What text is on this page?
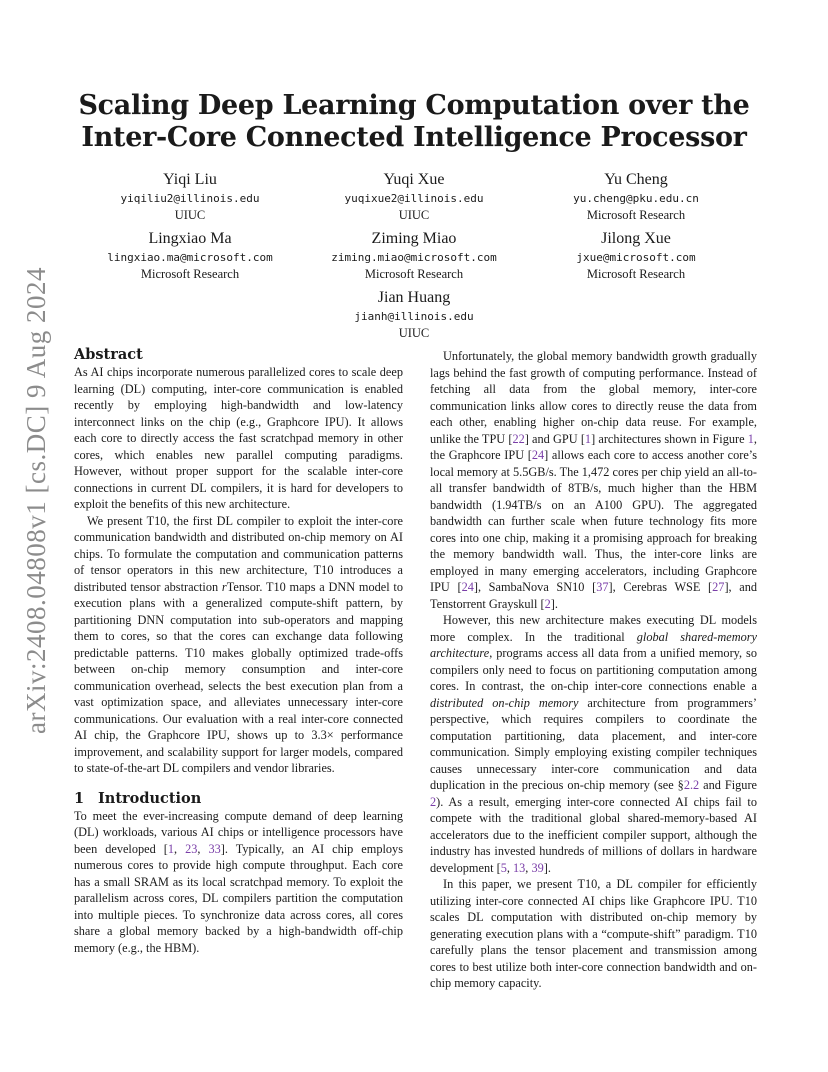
arXiv:2408.04808v1 [cs.DC] 9 Aug 2024
Scaling Deep Learning Computation over the
Inter-Core Connected Intelligence Processor
Yiqi Liu
yiqiliu2@illinois.edu
UIUC
Yuqi Xue
yuqixue2@illinois.edu
UIUC
Yu Cheng
yu.cheng@pku.edu.cn
Microsoft Research
Lingxiao Ma
lingxiao.ma@microsoft.com
Microsoft Research
Ziming Miao
ziming.miao@microsoft.com
Microsoft Research
Jilong Xue
jxue@microsoft.com
Microsoft Research
Jian Huang
jianh@illinois.edu
UIUC
Abstract

As AI chips incorporate numerous parallelized cores to scale deep learning (DL) computing, inter-core communication is enabled recently by employing high-bandwidth and low-latency interconnect links on the chip (e.g., Graphcore IPU). It allows each core to directly access the fast scratchpad memory in other cores, which enables new parallel computing paradigms. However, without proper support for the scalable inter-core connections in current DL compilers, it is hard for developers to exploit the benefits of this new architecture.

We present T10, the first DL compiler to exploit the inter-core communication bandwidth and distributed on-chip memory on AI chips. To formulate the computation and communication patterns of tensor operators in this new architecture, T10 introduces a distributed tensor abstraction rTensor. T10 maps a DNN model to execution plans with a generalized compute-shift pattern, by partitioning DNN computation into sub-operators and mapping them to cores, so that the cores can exchange data following predictable patterns. T10 makes globally optimized trade-offs between on-chip memory consumption and inter-core communication overhead, selects the best execution plan from a vast optimization space, and alleviates unnecessary inter-core communications. Our evaluation with a real inter-core connected AI chip, the Graphcore IPU, shows up to 3.3× performance improvement, and scalability support for larger models, compared to state-of-the-art DL compilers and vendor libraries.

1 Introduction

To meet the ever-increasing compute demand of deep learning (DL) workloads, various AI chips or intelligence processors have been developed [1, 23, 33]. Typically, an AI chip employs numerous cores to provide high compute throughput. Each core has a small SRAM as its local scratchpad memory. To exploit the parallelism across cores, DL compilers partition the computation into multiple pieces. To synchronize data across cores, all cores share a global memory backed by a high-bandwidth off-chip memory (e.g., the HBM).

Unfortunately, the global memory bandwidth growth gradually lags behind the fast growth of computing performance. Instead of fetching all data from the global memory, inter-core communication links allow cores to directly reuse the data from each other, enabling higher on-chip data reuse. For example, unlike the TPU [22] and GPU [1] architectures shown in Figure 1, the Graphcore IPU [24] allows each core to access another core’s local memory at 5.5GB/s. The 1,472 cores per chip yield an all-to-all transfer bandwidth of 8TB/s, much higher than the HBM bandwidth (1.94TB/s on an A100 GPU). The aggregated bandwidth can further scale when future technology fits more cores into one chip, making it a promising approach for breaking the memory bandwidth wall. Thus, the inter-core links are employed in many emerging accelerators, including Graphcore IPU [24], SambaNova SN10 [37], Cerebras WSE [27], and Tenstorrent Grayskull [2].

However, this new architecture makes executing DL models more complex. In the traditional global shared-memory architecture, programs access all data from a unified memory, so compilers only need to focus on partitioning computation among cores. In contrast, the on-chip inter-core connections enable a distributed on-chip memory architecture from programmers’ perspective, which requires compilers to coordinate the computation partitioning, data placement, and inter-core communication. Simply employing existing compiler techniques causes unnecessary inter-core communication and data duplication in the precious on-chip memory (see §2.2 and Figure 2). As a result, emerging inter-core connected AI chips fail to compete with the traditional global shared-memory-based AI accelerators due to the inefficient compiler support, although the industry has invested hundreds of millions of dollars in hardware development [5, 13, 39].

In this paper, we present T10, a DL compiler for efficiently utilizing inter-core connected AI chips like Graphcore IPU. T10 scales DL computation with distributed on-chip memory by generating execution plans with a “compute-shift” paradigm. T10 carefully plans the tensor placement and transmission among cores to best utilize both inter-core connection bandwidth and on-chip memory capacity.
